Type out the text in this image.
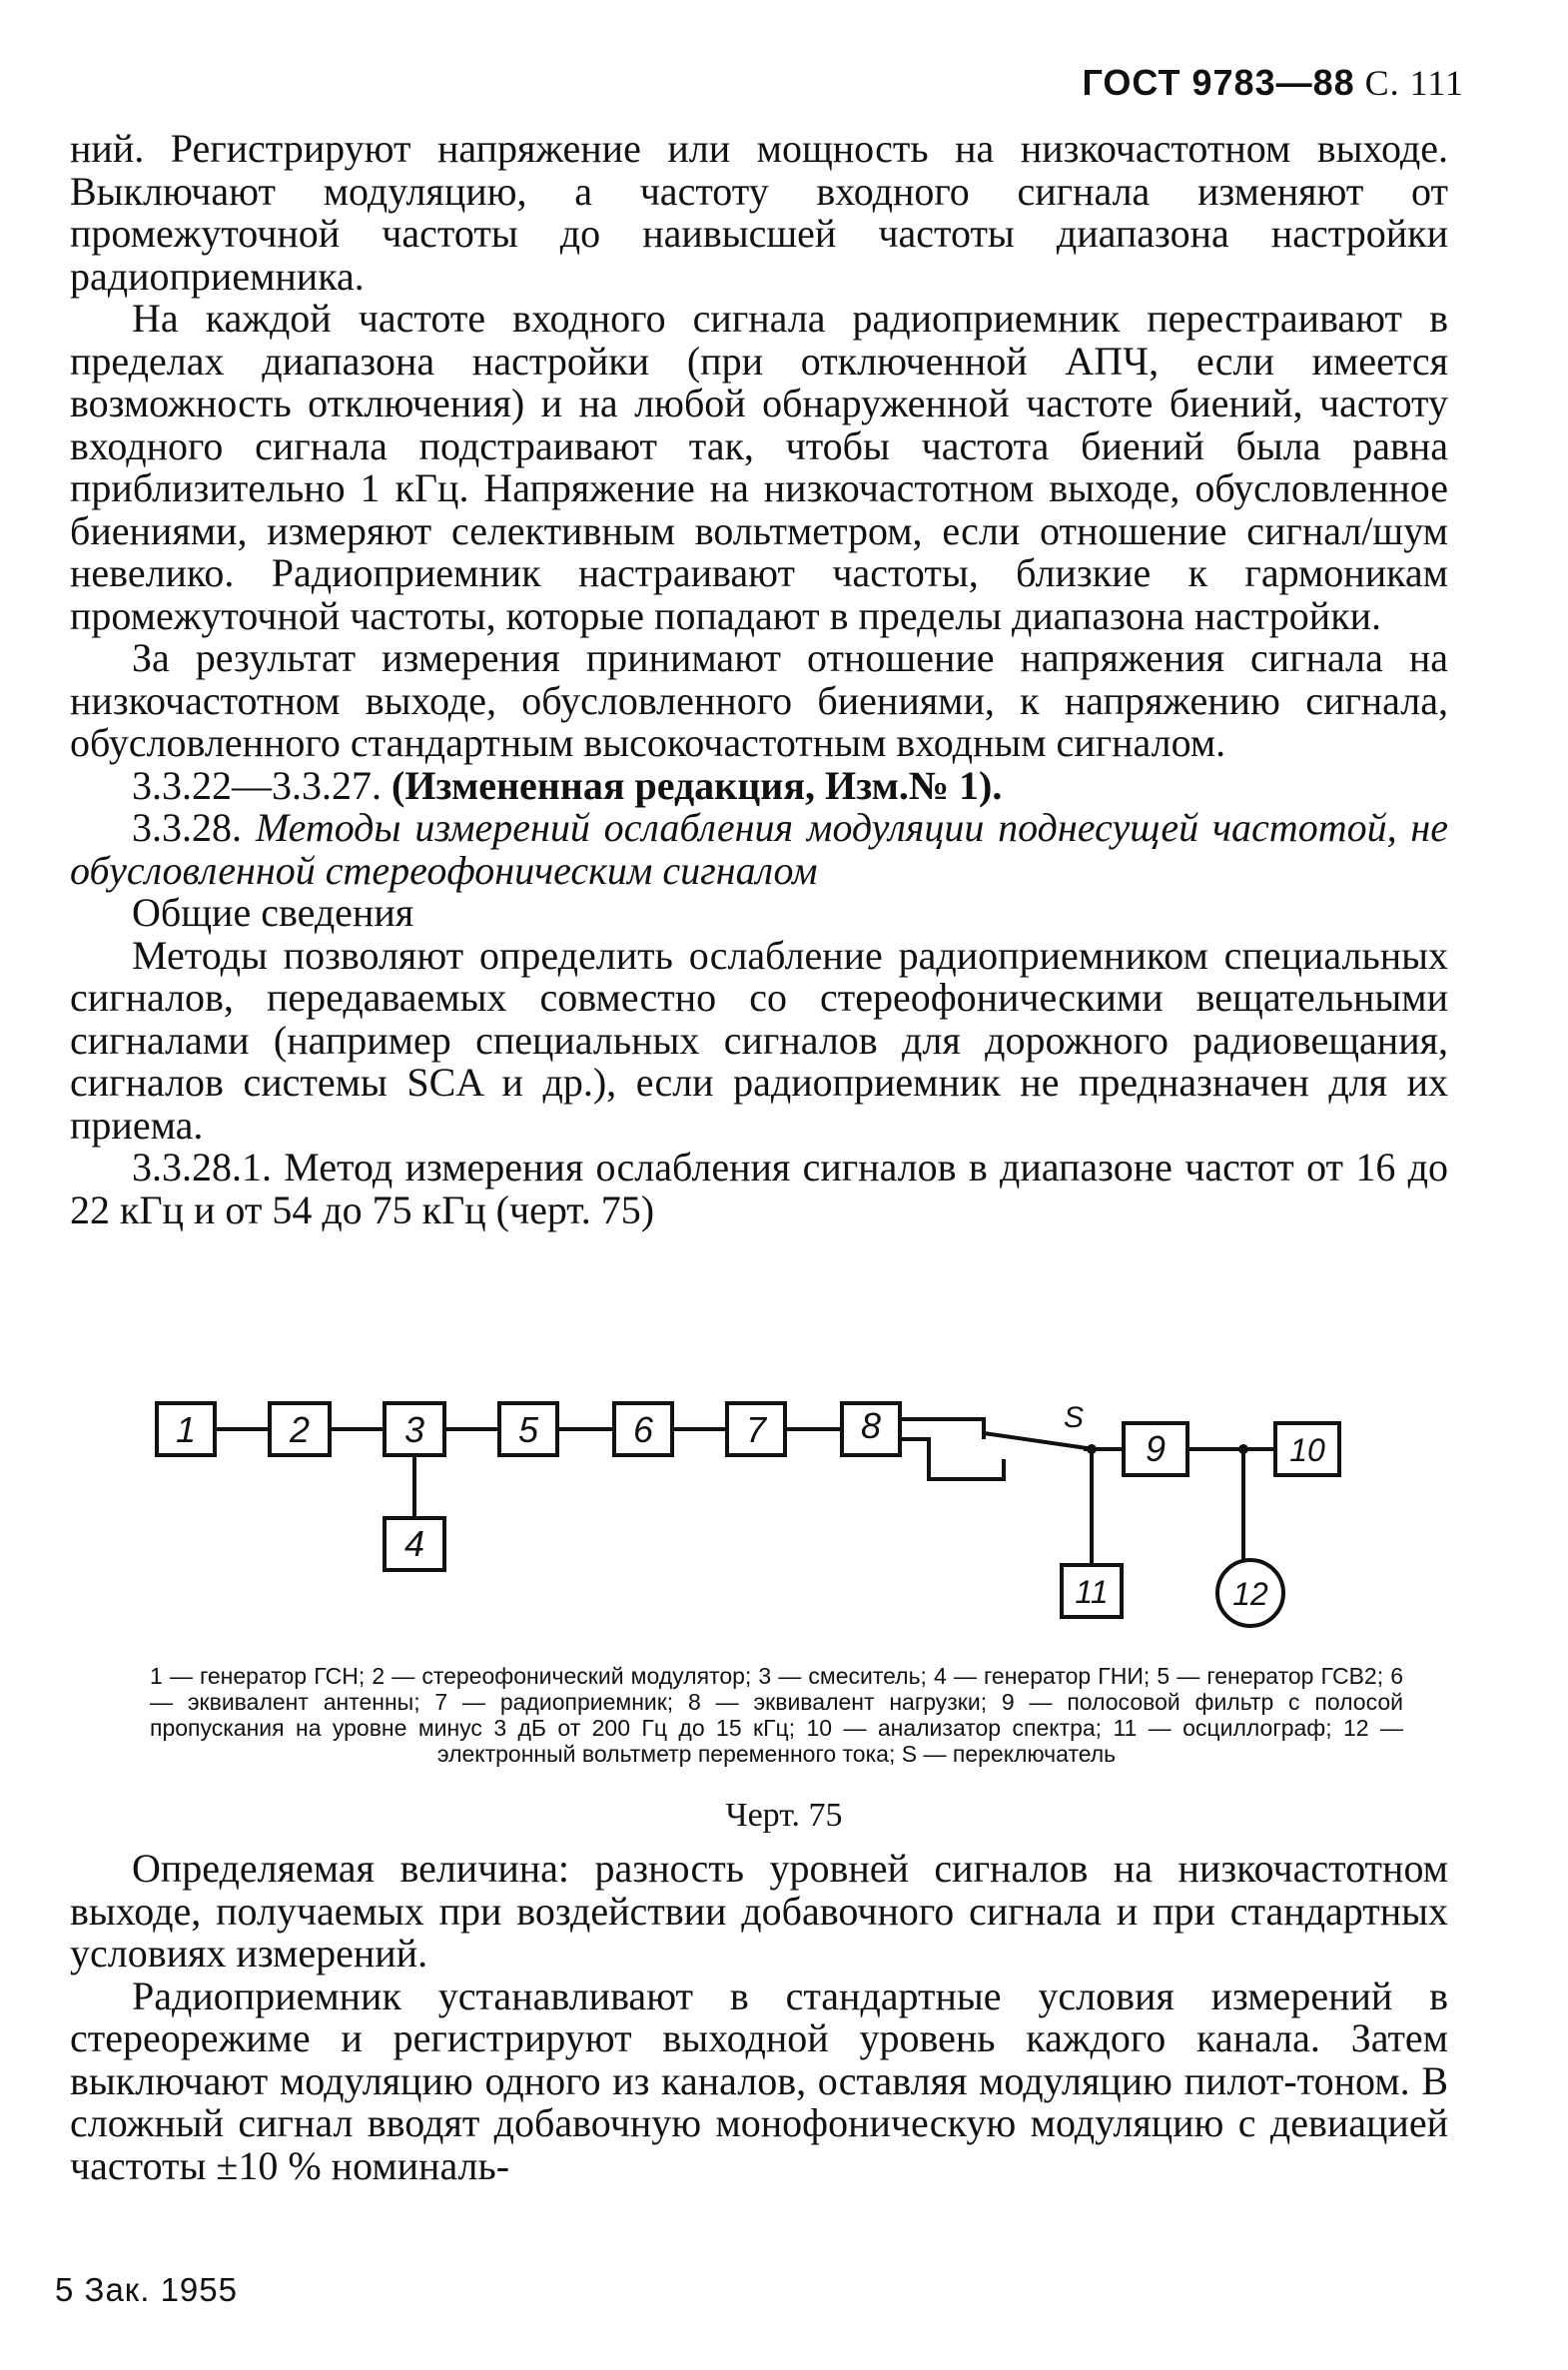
ГОСТ 9783—88 С. 111

ний. Регистрируют напряжение или мощность на низкочастотном выходе. Выключают модуляцию, а частоту входного сигнала изменяют от промежуточной частоты до наивысшей частоты диапазона настройки радиоприемника.

На каждой частоте входного сигнала радиоприемник перестраивают в пределах диапазона настройки (при отключенной АПЧ, если имеется возможность отключения) и на любой обнаруженной частоте биений, частоту входного сигнала подстраивают так, чтобы частота биений была равна приблизительно 1 кГц. Напряжение на низкочастотном выходе, обусловленное биениями, измеряют селективным вольтметром, если отношение сигнал/шум невелико. Радиоприемник настраивают частоты, близкие к гармоникам промежуточной частоты, которые попадают в пределы диапазона настройки.

За результат измерения принимают отношение напряжения сигнала на низкочастотном выходе, обусловленного биениями, к напряжению сигнала, обусловленного стандартным высокочастотным входным сигналом.

3.3.22—3.3.27. (Измененная редакция, Изм.№ 1).

3.3.28. Методы измерений ослабления модуляции поднесущей частотой, не обусловленной стереофоническим сигналом

Общие сведения

Методы позволяют определить ослабление радиоприемником специальных сигналов, передаваемых совместно со стереофоническими вещательными сигналами (например специальных сигналов для дорожного радиовещания, сигналов системы SCA и др.), если радиоприемник не предназначен для их приема.

3.3.28.1. Метод измерения ослабления сигналов в диапазоне частот от 16 до 22 кГц и от 54 до 75 кГц (черт. 75)

1	2	3	5	6	7	8
9	10
4
11	12
S
1 — генератор ГСН; 2 — стереофонический модулятор; 3 — смеситель; 4 — генератор ГНИ; 5 — генератор ГСВ2; 6 — эквивалент антенны; 7 — радиоприемник; 8 — эквивалент нагрузки; 9 — полосовой фильтр с полосой пропускания на уровне минус 3 дБ от 200 Гц до 15 кГц; 10 — анализатор спектра; 11 — осциллограф; 12 — электронный вольтметр переменного тока; S — переключатель
Черт. 75

Определяемая величина: разность уровней сигналов на низкочастотном выходе, получаемых при воздействии добавочного сигнала и при стандартных условиях измерений.

Радиоприемник устанавливают в стандартные условия измерений в стереорежиме и регистрируют выходной уровень каждого канала. Затем выключают модуляцию одного из каналов, оставляя модуляцию пилот-тоном. В сложный сигнал вводят добавочную монофоническую модуляцию с девиацией частоты ±10 % номиналь-

5 Зак. 1955
